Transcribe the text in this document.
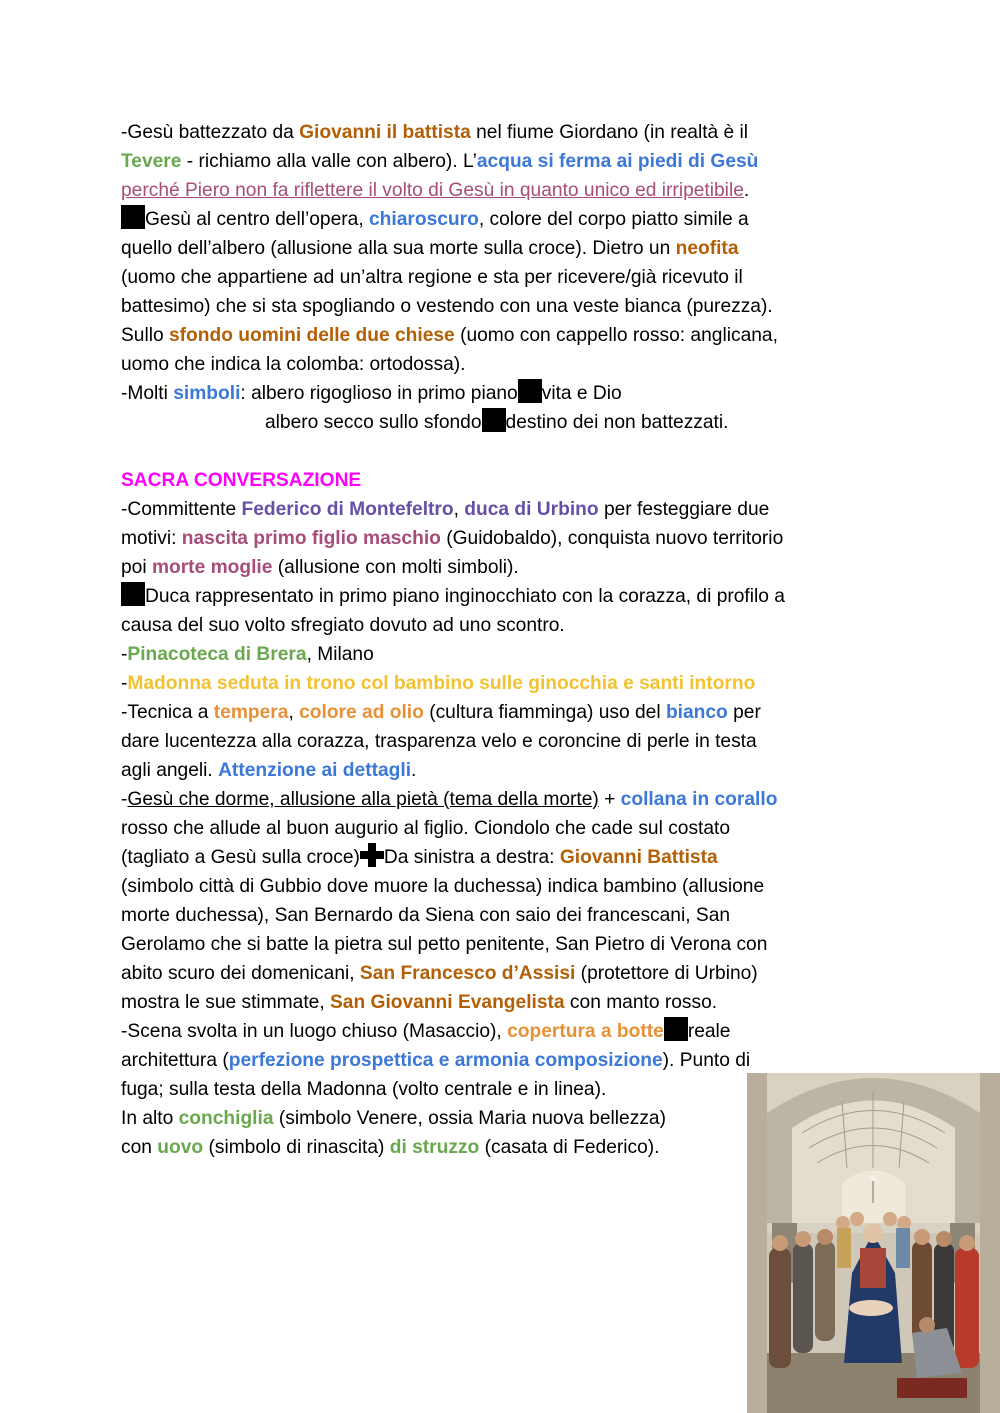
-Gesù battezzato da Giovanni il battista nel fiume Giordano (in realtà è il
Tevere - richiamo alla valle con albero). L’acqua si ferma ai piedi di Gesù
perché Piero non fa riflettere il volto di Gesù in quanto unico ed irripetibile.
Gesù al centro dell’opera, chiaroscuro, colore del corpo piatto simile a
quello dell’albero (allusione alla sua morte sulla croce). Dietro un neofita
(uomo che appartiene ad un’altra regione e sta per ricevere/già ricevuto il
battesimo) che si sta spogliando o vestendo con una veste bianca (purezza).
Sullo sfondo uomini delle due chiese (uomo con cappello rosso: anglicana,
uomo che indica la colomba: ortodossa).
-Molti simboli: albero rigoglioso in primo piano vita e Dio
albero secco sullo sfondo destino dei non battezzati.
SACRA CONVERSAZIONE
-Committente Federico di Montefeltro, duca di Urbino per festeggiare due
motivi: nascita primo figlio maschio (Guidobaldo), conquista nuovo territorio
poi morte moglie (allusione con molti simboli).
Duca rappresentato in primo piano inginocchiato con la corazza, di profilo a
causa del suo volto sfregiato dovuto ad uno scontro.
-Pinacoteca di Brera, Milano
-Madonna seduta in trono col bambino sulle ginocchia e santi intorno
-Tecnica a tempera, colore ad olio (cultura fiamminga) uso del bianco per
dare lucentezza alla corazza, trasparenza velo e coroncine di perle in testa
agli angeli. Attenzione ai dettagli.
-Gesù che dorme, allusione alla pietà (tema della morte) + collana in corallo
rosso che allude al buon augurio al figlio. Ciondolo che cade sul costato
(tagliato a Gesù sulla croce) Da sinistra a destra: Giovanni Battista
(simbolo città di Gubbio dove muore la duchessa) indica bambino (allusione
morte duchessa), San Bernardo da Siena con saio dei francescani, San
Gerolamo che si batte la pietra sul petto penitente, San Pietro di Verona con
abito scuro dei domenicani, San Francesco d’Assisi (protettore di Urbino)
mostra le sue stimmate, San Giovanni Evangelista con manto rosso.
-Scena svolta in un luogo chiuso (Masaccio), copertura a botte reale
architettura (perfezione prospettica e armonia composizione). Punto di
fuga; sulla testa della Madonna (volto centrale e in linea).
In alto conchiglia (simbolo Venere, ossia Maria nuova bellezza)
con uovo (simbolo di rinascita) di struzzo (casata di Federico).
